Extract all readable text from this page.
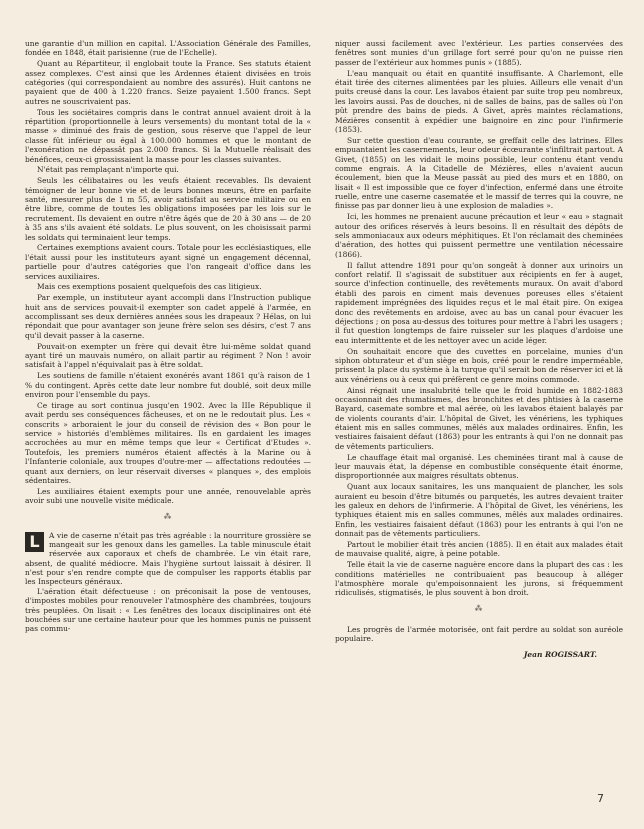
une garantie d'un million en capital. L'Association Générale des Familles, fondée en 1848, était parisienne (rue de l'Echelle).

Quant au Répartiteur, il englobait toute la France. Ses statuts étaient assez complexes. C'est ainsi que les Ardennes étaient divisées en trois catégories (qui correspondaient au nombre des assurés). Huit cantons ne payaient que de 400 à 1.220 francs. Seize payaient 1.500 francs. Sept autres ne souscrivaient pas.

Tous les sociétaires compris dans le contrat annuel avaient droit à la répartition (proportionnelle à leurs versements) du montant total de la « masse » diminué des frais de gestion, sous réserve que l'appel de leur classe fût inférieur ou égal à 100.000 hommes et que le montant de l'exonération ne dépassât pas 2.000 francs. Si la Mutuelle réalisait des bénéfices, ceux-ci grossissaient la masse pour les classes suivantes.

N'était pas remplaçant n'importe qui.

Seuls les célibataires ou les veufs étaient recevables. Ils devaient témoigner de leur bonne vie et de leurs bonnes mœurs, être en parfaite santé, mesurer plus de 1 m 55, avoir satisfait au service militaire ou en être libre, comme de toutes les obligations imposées par les lois sur le recrutement. Ils devaient en outre n'être âgés que de 20 à 30 ans — de 20 à 35 ans s'ils avaient été soldats. Le plus souvent, on les choisissait parmi les soldats qui terminaient leur temps.

Certaines exemptions avaient cours. Totale pour les ecclésiastiques, elle l'était aussi pour les instituteurs ayant signé un engagement décennal, partielle pour d'autres catégories que l'on rangeait d'office dans les services auxiliaires.

Mais ces exemptions posaient quelquefois des cas litigieux.

Par exemple, un instituteur ayant accompli dans l'Instruction publique huit ans de services pouvait-il exempter son cadet appelé à l'armée, en accomplissant ses deux dernières années sous les drapeaux ? Hélas, on lui répondait que pour avantager son jeune frère selon ses désirs, c'est 7 ans qu'il devait passer à la caserne.

Pouvait-on exempter un frère qui devait être lui-même soldat quand ayant tiré un mauvais numéro, on allait partir au régiment ? Non ! avoir satisfait à l'appel n'équivalait pas à être soldat.

Les soutiens de famille n'étaient exonérés avant 1861 qu'à raison de 1 % du contingent. Après cette date leur nombre fut doublé, soit deux mille environ pour l'ensemble du pays.

Ce tirage au sort continua jusqu'en 1902. Avec la IIIe République il avait perdu ses conséquences fâcheuses, et on ne le redoutait plus. Les « conscrits » arboraient le jour du conseil de révision des « Bon pour le service » historiés d'emblèmes militaires. Ils en gardaient les images accrochées au mur en même temps que leur « Certificat d'Etudes ». Toutefois, les premiers numéros étaient affectés à la Marine ou à l'Infanterie coloniale, aux troupes d'outre-mer — affectations redoutées — quant aux derniers, on leur réservait diverses « planques », des emplois sédentaires.

Les auxiliaires étaient exempts pour une année, renouvelable après avoir subi une nouvelle visite médicale.

⁂
L	A vie de caserne n'était pas très agréable : la nourriture grossière se mangeait sur les genoux dans les gamelles. La table minuscule était réservée aux caporaux et chefs de chambrée. Le vin était rare, absent, de qualité médiocre. Mais l'hygiène surtout laissait à désirer. Il n'est pour s'en rendre compte que de compulser les rapports établis par les Inspecteurs généraux.

L'aération était défectueuse : on préconisait la pose de ventouses, d'impostes mobiles pour renouveler l'atmosphère des chambrées, toujours très peuplées. On lisait : « Les fenêtres des locaux disciplinaires ont été bouchées sur une certaine hauteur pour que les hommes punis ne puissent pas commu-

niquer aussi facilement avec l'extérieur. Les parties conservées des fenêtres sont munies d'un grillage fort serré pour qu'on ne puisse rien passer de l'extérieur aux hommes punis » (1885).

L'eau manquait ou était en quantité insuffisante. A Charlemont, elle était tirée des citernes alimentées par les pluies. Ailleurs elle venait d'un puits creusé dans la cour. Les lavabos étaient par suite trop peu nombreux, les lavoirs aussi. Pas de douches, ni de salles de bains, pas de salles où l'on pût prendre des bains de pieds. A Givet, après maintes réclamations, Mézières consentit à expédier une baignoire en zinc pour l'infirmerie (1853).

Sur cette question d'eau courante, se greffait celle des latrines. Elles empuantaient les casernements, leur odeur écœurante s'infiltrait partout. A Givet, (1855) on les vidait le moins possible, leur contenu étant vendu comme engrais. A la Citadelle de Mézières, elles n'avaient aucun écoulement, bien que la Meuse passât au pied des murs et en 1880, on lisait « Il est impossible que ce foyer d'infection, enfermé dans une étroite ruelle, entre une caserne casematée et le massif de terres qui la couvre, ne finisse pas par donner lieu à une explosion de maladies ».

Ici, les hommes ne prenaient aucune précaution et leur « eau » stagnait autour des orifices réservés à leurs besoins. Il en résultait des dépôts de sels ammoniacaux aux odeurs méphitiques. Et l'on réclamait des cheminées d'aération, des hottes qui puissent permettre une ventilation nécessaire (1866).

Il fallut attendre 1891 pour qu'on songeât à donner aux urinoirs un confort relatif. Il s'agissait de substituer aux récipients en fer à auget, source d'infection continuelle, des revêtements muraux. On avait d'abord établi des parois en ciment mais devenues poreuses elles s'étaient rapidement imprégnées des liquides reçus et le mal était pire. On exigea donc des revêtements en ardoise, avec au bas un canal pour évacuer les déjections ; on posa au-dessus des toitures pour mettre à l'abri les usagers ; il fut question longtemps de faire ruisseler sur les plaques d'ardoise une eau intermittente et de les nettoyer avec un acide léger.

On souhaitait encore que des cuvettes en porcelaine, munies d'un siphon obturateur et d'un siège en bois, créé pour le rendre imperméable, prissent la place du système à la turque qu'il serait bon de réserver ici et là aux vénériens ou à ceux qui préfèrent ce genre moins commode.

Ainsi régnait une insalubrité telle que le froid humide en 1882-1883 occasionnait des rhumatismes, des bronchites et des phtisies à la caserne Bayard, casemate sombre et mal aérée, où les lavabos étaient balayés par de violents courants d'air. L'hôpital de Givet, les vénériens, les typhiques étaient mis en salles communes, mêlés aux malades ordinaires. Enfin, les vestiaires faisaient défaut (1863) pour les entrants à qui l'on ne donnait pas de vêtements particuliers.

Le chauffage était mal organisé. Les cheminées tirant mal à cause de leur mauvais état, la dépense en combustible conséquente était énorme, disproportionnée aux maigres résultats obtenus.

Quant aux locaux sanitaires, les uns manquaient de plancher, les sols auraient eu besoin d'être bitumés ou parquetés, les autres devaient traiter les galeux en dehors de l'infirmerie. A l'hôpital de Givet, les vénériens, les typhiques étaient mis en salles communes, mêlés aux malades ordinaires. Enfin, les vestiaires faisaient défaut (1863) pour les entrants à qui l'on ne donnait pas de vêtements particuliers.

Partout le mobilier était très ancien (1885). Il en était aux malades était de mauvaise qualité, aigre, à peine potable.

Telle était la vie de caserne naguère encore dans la plupart des cas : les conditions matérielles ne contribuaient pas beaucoup à alléger l'atmosphère morale qu'empoisonnaient les jurons, si fréquemment ridiculisés, stigmatisés, le plus souvent à bon droit.

⁂

Les progrès de l'armée motorisée, ont fait perdre au soldat son auréole populaire.

Jean ROGISSART.

7
